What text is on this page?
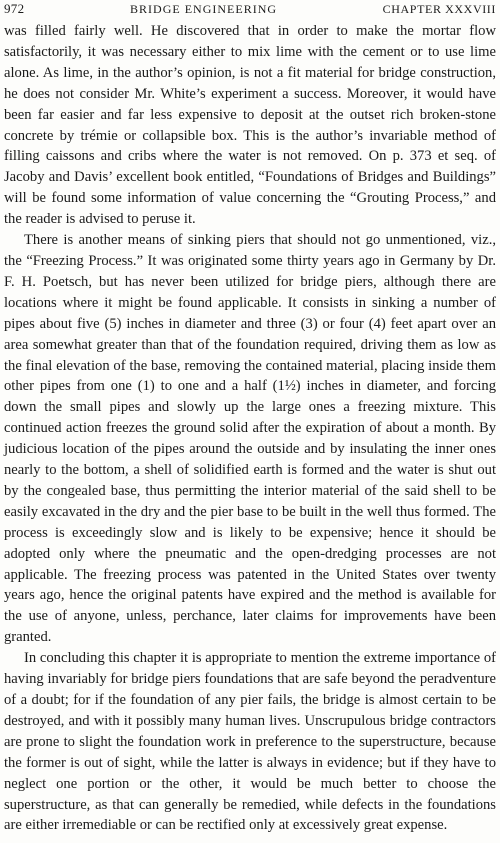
972	BRIDGE ENGINEERING	CHAPTER XXXVIII

was filled fairly well. He discovered that in order to make the mortar flow satisfactorily, it was necessary either to mix lime with the cement or to use lime alone. As lime, in the author’s opinion, is not a fit material for bridge construction, he does not consider Mr. White’s experiment a success. Moreover, it would have been far easier and far less expensive to deposit at the outset rich broken-stone concrete by trémie or collapsible box. This is the author’s invariable method of filling caissons and cribs where the water is not removed. On p. 373 et seq. of Jacoby and Davis’ excellent book entitled, “Foundations of Bridges and Buildings” will be found some information of value concerning the “Grouting Process,” and the reader is advised to peruse it.

There is another means of sinking piers that should not go unmentioned, viz., the “Freezing Process.” It was originated some thirty years ago in Germany by Dr. F. H. Poetsch, but has never been utilized for bridge piers, although there are locations where it might be found applicable. It consists in sinking a number of pipes about five (5) inches in diameter and three (3) or four (4) feet apart over an area somewhat greater than that of the foundation required, driving them as low as the final elevation of the base, removing the contained material, placing inside them other pipes from one (1) to one and a half (1½) inches in diameter, and forcing down the small pipes and slowly up the large ones a freezing mixture. This continued action freezes the ground solid after the expiration of about a month. By judicious location of the pipes around the outside and by insulating the inner ones nearly to the bottom, a shell of solidified earth is formed and the water is shut out by the congealed base, thus permitting the interior material of the said shell to be easily excavated in the dry and the pier base to be built in the well thus formed. The process is exceedingly slow and is likely to be expensive; hence it should be adopted only where the pneumatic and the open-dredging processes are not applicable. The freezing process was patented in the United States over twenty years ago, hence the original patents have expired and the method is available for the use of anyone, unless, perchance, later claims for improvements have been granted.

In concluding this chapter it is appropriate to mention the extreme importance of having invariably for bridge piers foundations that are safe beyond the peradventure of a doubt; for if the foundation of any pier fails, the bridge is almost certain to be destroyed, and with it possibly many human lives. Unscrupulous bridge contractors are prone to slight the foundation work in preference to the superstructure, because the former is out of sight, while the latter is always in evidence; but if they have to neglect one portion or the other, it would be much better to choose the superstructure, as that can generally be remedied, while defects in the foundations are either irremediable or can be rectified only at excessively great expense.
